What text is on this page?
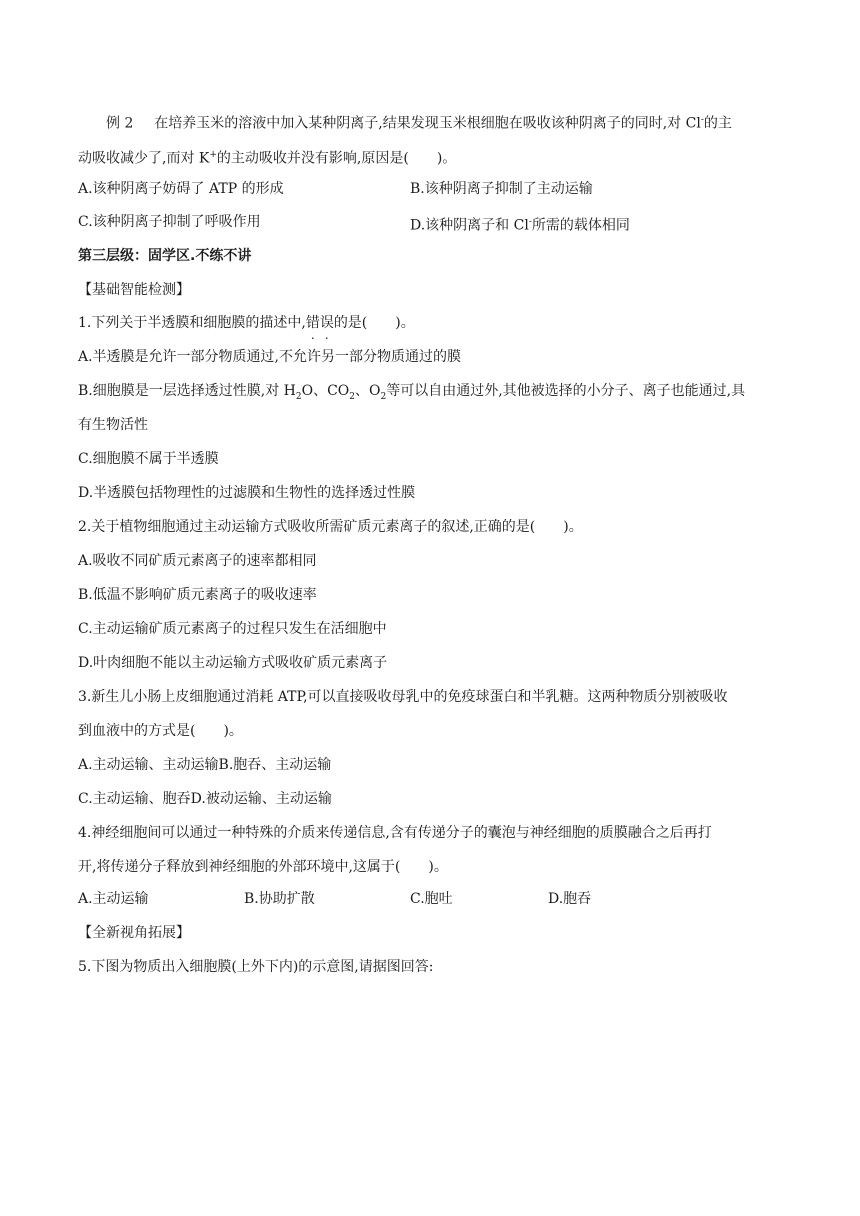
例 2 在培养玉米的溶液中加入某种阴离子,结果发现玉米根细胞在吸收该种阴离子的同时,对 Cl-的主
动吸收减少了,而对 K+的主动吸收并没有影响,原因是(　　)。
A.该种阴离子妨碍了 ATP 的形成	B.该种阴离子抑制了主动运输
C.该种阴离子抑制了呼吸作用	D.该种阴离子和 Cl-所需的载体相同
第三层级：固学区.不练不讲
【基础智能检测】
1.下列关于半透膜和细胞膜的描述中,错误的是(　　)。
A.半透膜是允许一部分物质通过,不允许另一部分物质通过的膜
B.细胞膜是一层选择透过性膜,对 $H_2O$、$CO_2$、$O_2$等可以自由通过外,其他被选择的小分子、离子也能通过,具
有生物活性
C.细胞膜不属于半透膜
D.半透膜包括物理性的过滤膜和生物性的选择透过性膜
2.关于植物细胞通过主动运输方式吸收所需矿质元素离子的叙述,正确的是(　　)。
A.吸收不同矿质元素离子的速率都相同
B.低温不影响矿质元素离子的吸收速率
C.主动运输矿质元素离子的过程只发生在活细胞中
D.叶肉细胞不能以主动运输方式吸收矿质元素离子
3.新生儿小肠上皮细胞通过消耗 ATP,可以直接吸收母乳中的免疫球蛋白和半乳糖。这两种物质分别被吸收
到血液中的方式是(　　)。
A.主动运输、主动运输B.胞吞、主动运输
C.主动运输、胞吞D.被动运输、主动运输
4.神经细胞间可以通过一种特殊的介质来传递信息,含有传递分子的囊泡与神经细胞的质膜融合之后再打
开,将传递分子释放到神经细胞的外部环境中,这属于(　　)。
A.主动运输	B.协助扩散	C.胞吐	D.胞吞
【全新视角拓展】
5.下图为物质出入细胞膜(上外下内)的示意图,请据图回答:
